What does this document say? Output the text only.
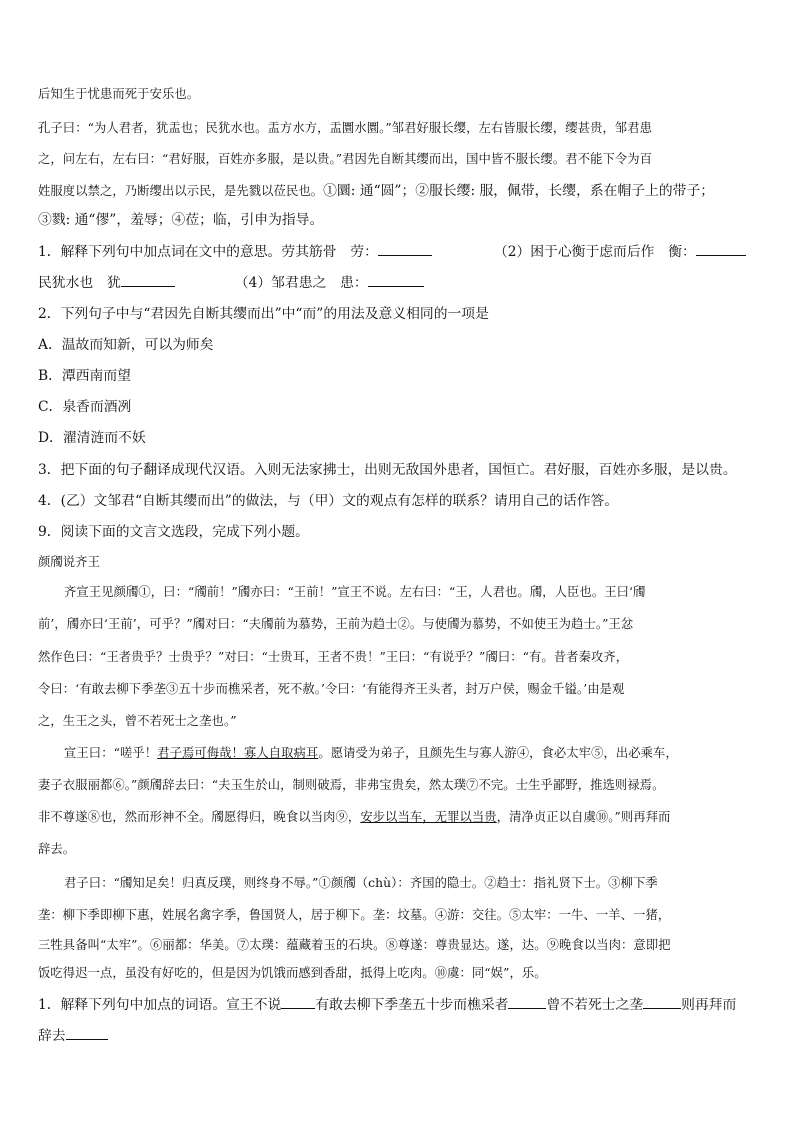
后知生于忧患而死于安乐也。
孔子曰：“为人君者，犹盂也；民犹水也。盂方水方，盂圜水圜。”邹君好服长缨，左右皆服长缨，缨甚贵，邹君患
之，问左右，左右曰：“君好服，百姓亦多服，是以贵。”君因先自断其缨而出，国中皆不服长缨。君不能下令为百
姓服度以禁之，乃断缨出以示民，是先戮以莅民也。①圜: 通“圆”；②服长缨: 服，佩带，长缨，系在帽子上的带子；
③戮: 通“僇”，羞辱；④莅；临，引申为指导。
1．解释下列句中加点词在文中的意思。劳其筋骨　劳：	（2）困于心衡于虑而后作　衡：
民犹水也　犹	（4）邹君患之　患：
2．下列句子中与“君因先自断其缨而出”中“而”的用法及意义相同的一项是
A．温故而知新，可以为师矣
B．潭西南而望
C．泉香而酒冽
D．濯清涟而不妖
3．把下面的句子翻译成现代汉语。入则无法家拂士，出则无敌国外患者，国恒亡。君好服，百姓亦多服，是以贵。
4．(乙）文邹君“自断其缨而出”的做法，与（甲）文的观点有怎样的联系？请用自己的话作答。
9．阅读下面的文言文选段，完成下列小题。
颜斶说齐王
齐宣王见颜斶①，曰：“斶前！”斶亦曰：“王前！”宣王不说。左右曰：“王，人君也。斶，人臣也。王曰‘斶
前’，斶亦曰‘王前’，可乎？”斶对曰：“夫斶前为慕势，王前为趋士②。与使斶为慕势，不如使王为趋士。”王忿
然作色曰：“王者贵乎？士贵乎？”对曰：“士贵耳，王者不贵！”王曰：“有说乎？”斶曰：“有。昔者秦攻齐，
令曰：‘有敢去柳下季垄③五十步而樵采者，死不赦。’令曰：‘有能得齐王头者，封万户侯，赐金千镒。’由是观
之，生王之头，曾不若死士之垄也。”
宣王曰：“嗟乎！君子焉可侮哉！寡人自取病耳。愿请受为弟子，且颜先生与寡人游④，食必太牢⑤，出必乘车，
妻子衣服丽都⑥。”颜斶辞去曰：“夫玉生於山，制则破焉，非弗宝贵矣，然太璞⑦不完。士生乎鄙野，推选则禄焉。
非不尊遂⑧也，然而形神不全。斶愿得归，晚食以当肉⑨，安步以当车，无罪以当贵，清净贞正以自虞⑩。”则再拜而
辞去。
君子曰：“斶知足矣！归真反璞，则终身不辱。”①颜斶（chù）：齐国的隐士。②趋士：指礼贤下士。③柳下季
垄：柳下季即柳下惠，姓展名禽字季，鲁国贤人，居于柳下。垄：坟墓。④游：交往。⑤太牢：一牛、一羊、一猪，
三牲具备叫“太牢”。⑥丽都：华美。⑦太璞：蕴藏着玉的石块。⑧尊遂：尊贵显达。遂，达。⑨晚食以当肉：意即把
饭吃得迟一点，虽没有好吃的，但是因为饥饿而感到香甜，抵得上吃肉。⑩虞：同“娱”，乐。
1．解释下列句中加点的词语。宣王不说 有敢去柳下季垄五十步而樵采者	曾不若死士之垄	则再拜而
辞去
